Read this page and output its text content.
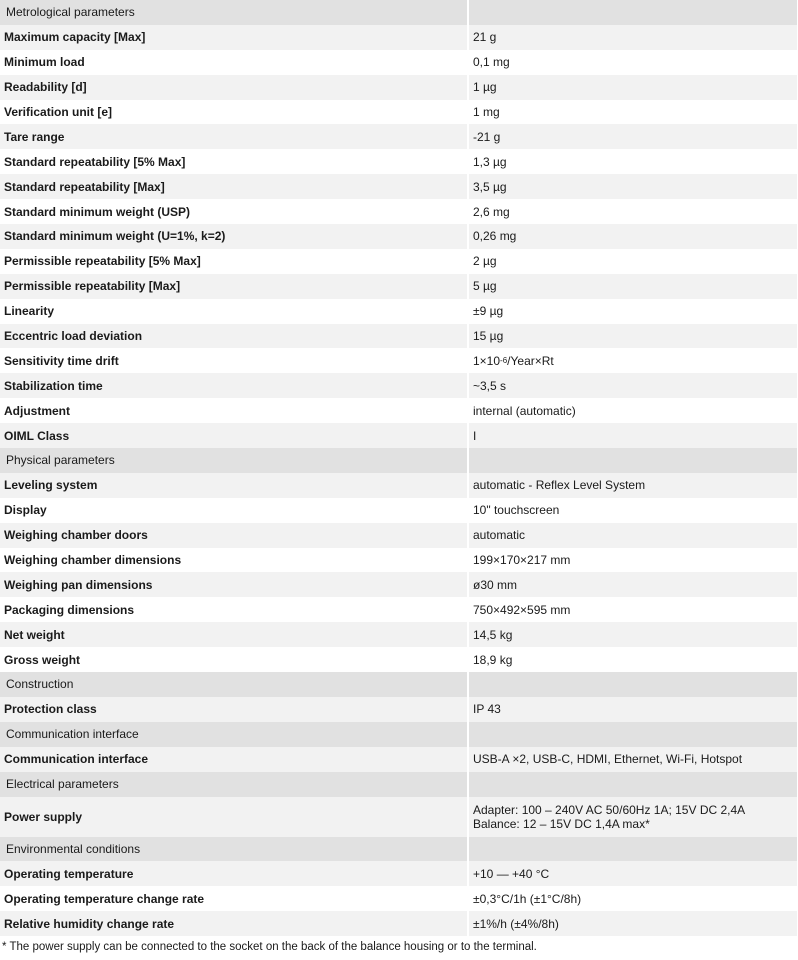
Metrological parameters
Maximum capacity [Max]	21 g
Minimum load	0,1 mg
Readability [d]	1 µg
Verification unit [e]	1 mg
Tare range	-21 g
Standard repeatability [5% Max]	1,3 µg
Standard repeatability [Max]	3,5 µg
Standard minimum weight (USP)	2,6 mg
Standard minimum weight (U=1%, k=2)	0,26 mg
Permissible repeatability [5% Max]	2 µg
Permissible repeatability [Max]	5 µg
Linearity	±9 µg
Eccentric load deviation	15 µg
Sensitivity time drift	1×10 -6 /Year×Rt
Stabilization time	~3,5 s
Adjustment	internal (automatic)
OIML Class	I
Physical parameters
Leveling system	automatic - Reflex Level System
Display	10" touchscreen
Weighing chamber doors	automatic
Weighing chamber dimensions	199×170×217 mm
Weighing pan dimensions	ø30 mm
Packaging dimensions	750×492×595 mm
Net weight	14,5 kg
Gross weight	18,9 kg
Construction
Protection class	IP 43
Communication interface
Communication interface	USB-A ×2, USB-C, HDMI, Ethernet, Wi-Fi, Hotspot
Electrical parameters
Power supply	Adapter: 100 – 240V AC 50/60Hz 1A; 15V DC 2,4A
Balance: 12 – 15V DC 1,4A max*
Environmental conditions
Operating temperature	+10 — +40 °C
Operating temperature change rate	±0,3°C/1h (±1°C/8h)
Relative humidity change rate	±1%/h (±4%/8h)
* The power supply can be connected to the socket on the back of the balance housing or to the terminal.
